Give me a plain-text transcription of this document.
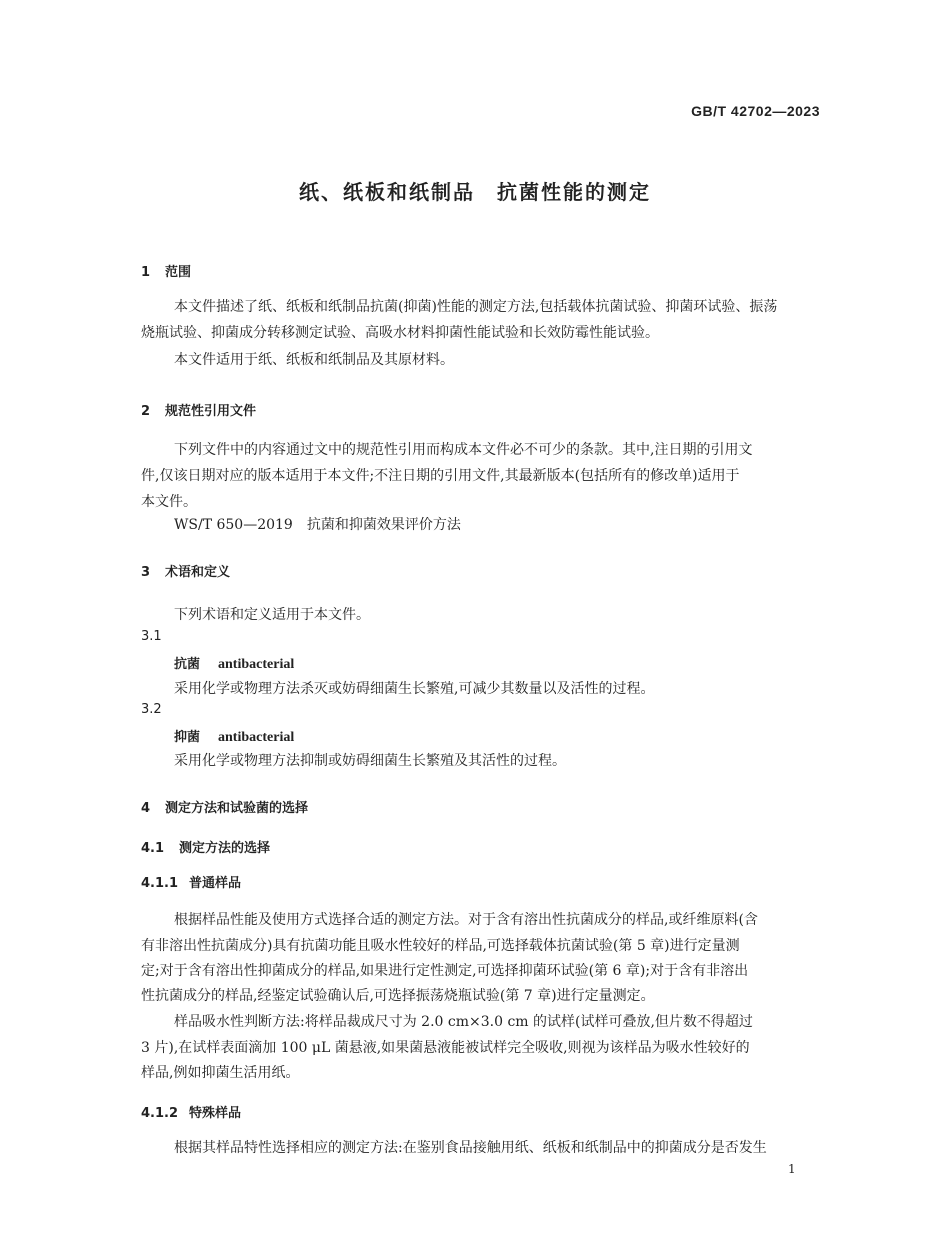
GB/T 42702—2023
纸、纸板和纸制品　抗菌性能的测定
1 范围
本文件描述了纸、纸板和纸制品抗菌(抑菌)性能的测定方法,包括载体抗菌试验、抑菌环试验、振荡
烧瓶试验、抑菌成分转移测定试验、高吸水材料抑菌性能试验和长效防霉性能试验。
本文件适用于纸、纸板和纸制品及其原材料。
2 规范性引用文件
下列文件中的内容通过文中的规范性引用而构成本文件必不可少的条款。其中,注日期的引用文
件,仅该日期对应的版本适用于本文件;不注日期的引用文件,其最新版本(包括所有的修改单)适用于
本文件。
WS/T 650—2019　抗菌和抑菌效果评价方法
3 术语和定义
下列术语和定义适用于本文件。
3.1
抗菌 antibacterial
采用化学或物理方法杀灭或妨碍细菌生长繁殖,可减少其数量以及活性的过程。
3.2
抑菌 antibacterial
采用化学或物理方法抑制或妨碍细菌生长繁殖及其活性的过程。
4 测定方法和试验菌的选择
4.1 测定方法的选择
4.1.1 普通样品
根据样品性能及使用方式选择合适的测定方法。对于含有溶出性抗菌成分的样品,或纤维原料(含
有非溶出性抗菌成分)具有抗菌功能且吸水性较好的样品,可选择载体抗菌试验(第 5 章)进行定量测
定;对于含有溶出性抑菌成分的样品,如果进行定性测定,可选择抑菌环试验(第 6 章);对于含有非溶出
性抗菌成分的样品,经鉴定试验确认后,可选择振荡烧瓶试验(第 7 章)进行定量测定。
样品吸水性判断方法:将样品裁成尺寸为 2.0 cm×3.0 cm 的试样(试样可叠放,但片数不得超过
3 片),在试样表面滴加 100 μL 菌悬液,如果菌悬液能被试样完全吸收,则视为该样品为吸水性较好的
样品,例如抑菌生活用纸。
4.1.2 特殊样品
根据其样品特性选择相应的测定方法:在鉴别食品接触用纸、纸板和纸制品中的抑菌成分是否发生
1
